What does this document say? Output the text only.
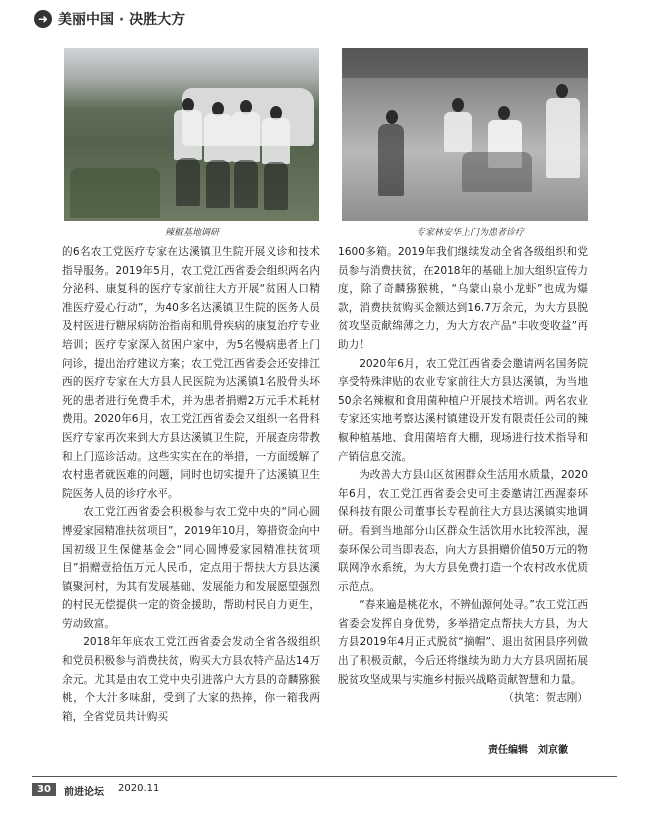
➜ 美丽中国 · 决胜大方
辣椒基地调研	专家林安华上门为患者诊疗

的6名农工党医疗专家在达溪镇卫生院开展义诊和技术指导服务。2019年5月，农工党江西省委会组织两名内分泌科、康复科的医疗专家前往大方开展“贫困人口精准医疗爱心行动”，为40多名达溪镇卫生院的医务人员及村医进行糖尿病防治指南和肌骨疾病的康复治疗专业培训；医疗专家深入贫困户家中，为5名慢病患者上门问诊，提出治疗建议方案；农工党江西省委会还安排江西的医疗专家在大方县人民医院为达溪镇1名股骨头坏死的患者进行免费手术，并为患者捐赠2万元手术耗材费用。2020年6月，农工党江西省委会又组织一名骨科医疗专家再次来到大方县达溪镇卫生院，开展查房带教和上门巡诊活动。这些实实在在的举措，一方面缓解了农村患者就医难的问题，同时也切实提升了达溪镇卫生院医务人员的诊疗水平。

农工党江西省委会积极参与农工党中央的“同心圆博爱家园精准扶贫项目”，2019年10月，筹措资金向中国初级卫生保健基金会“同心圆博爱家园精准扶贫项目”捐赠壹拾伍万元人民币，定点用于帮扶大方县达溪镇聚河村，为其有发展基础、发展能力和发展愿望强烈的村民无偿提供一定的资金援助，帮助村民自力更生，劳动致富。

2018年年底农工党江西省委会发动全省各级组织和党员积极参与消费扶贫，购买大方县农特产品达14万余元。尤其是由农工党中央引进落户大方县的奇麟猕猴桃，个大汁多味甜，受到了大家的热捧，你一箱我两箱，全省党员共计购买

1600多箱。2019年我们继续发动全省各级组织和党员参与消费扶贫，在2018年的基础上加大组织宣传力度，除了奇麟猕猴桃，“乌蒙山泉小龙虾”也成为爆款，消费扶贫购买金额达到16.7万余元，为大方县脱贫攻坚贡献绵薄之力，为大方农产品“丰收变收益”再助力！

2020年6月，农工党江西省委会邀请两名国务院享受特殊津贴的农业专家前往大方县达溪镇，为当地50余名辣椒和食用菌种植户开展技术培训。两名农业专家还实地考察达溪村镇建设开发有限责任公司的辣椒种植基地、食用菌培育大棚，现场进行技术指导和产销信息交流。

为改善大方县山区贫困群众生活用水质量，2020年6月，农工党江西省委会史可主委邀请江西渥泰环保科技有限公司董事长专程前往大方县达溪镇实地调研。看到当地部分山区群众生活饮用水比较浑浊，渥泰环保公司当即表态，向大方县捐赠价值50万元的物联网净水系统，为大方县免费打造一个农村改水优质示范点。

“春来遍是桃花水，不辨仙源何处寻。”农工党江西省委会发挥自身优势，多举措定点帮扶大方县，为大方县2019年4月正式脱贫“摘帽”、退出贫困县序列做出了积极贡献，今后还将继续为助力大方县巩固拓展脱贫攻坚成果与实施乡村振兴战略贡献智慧和力量。

（执笔：贺志刚）

责任编辑　刘京徽
30	前进论坛 2020.11
